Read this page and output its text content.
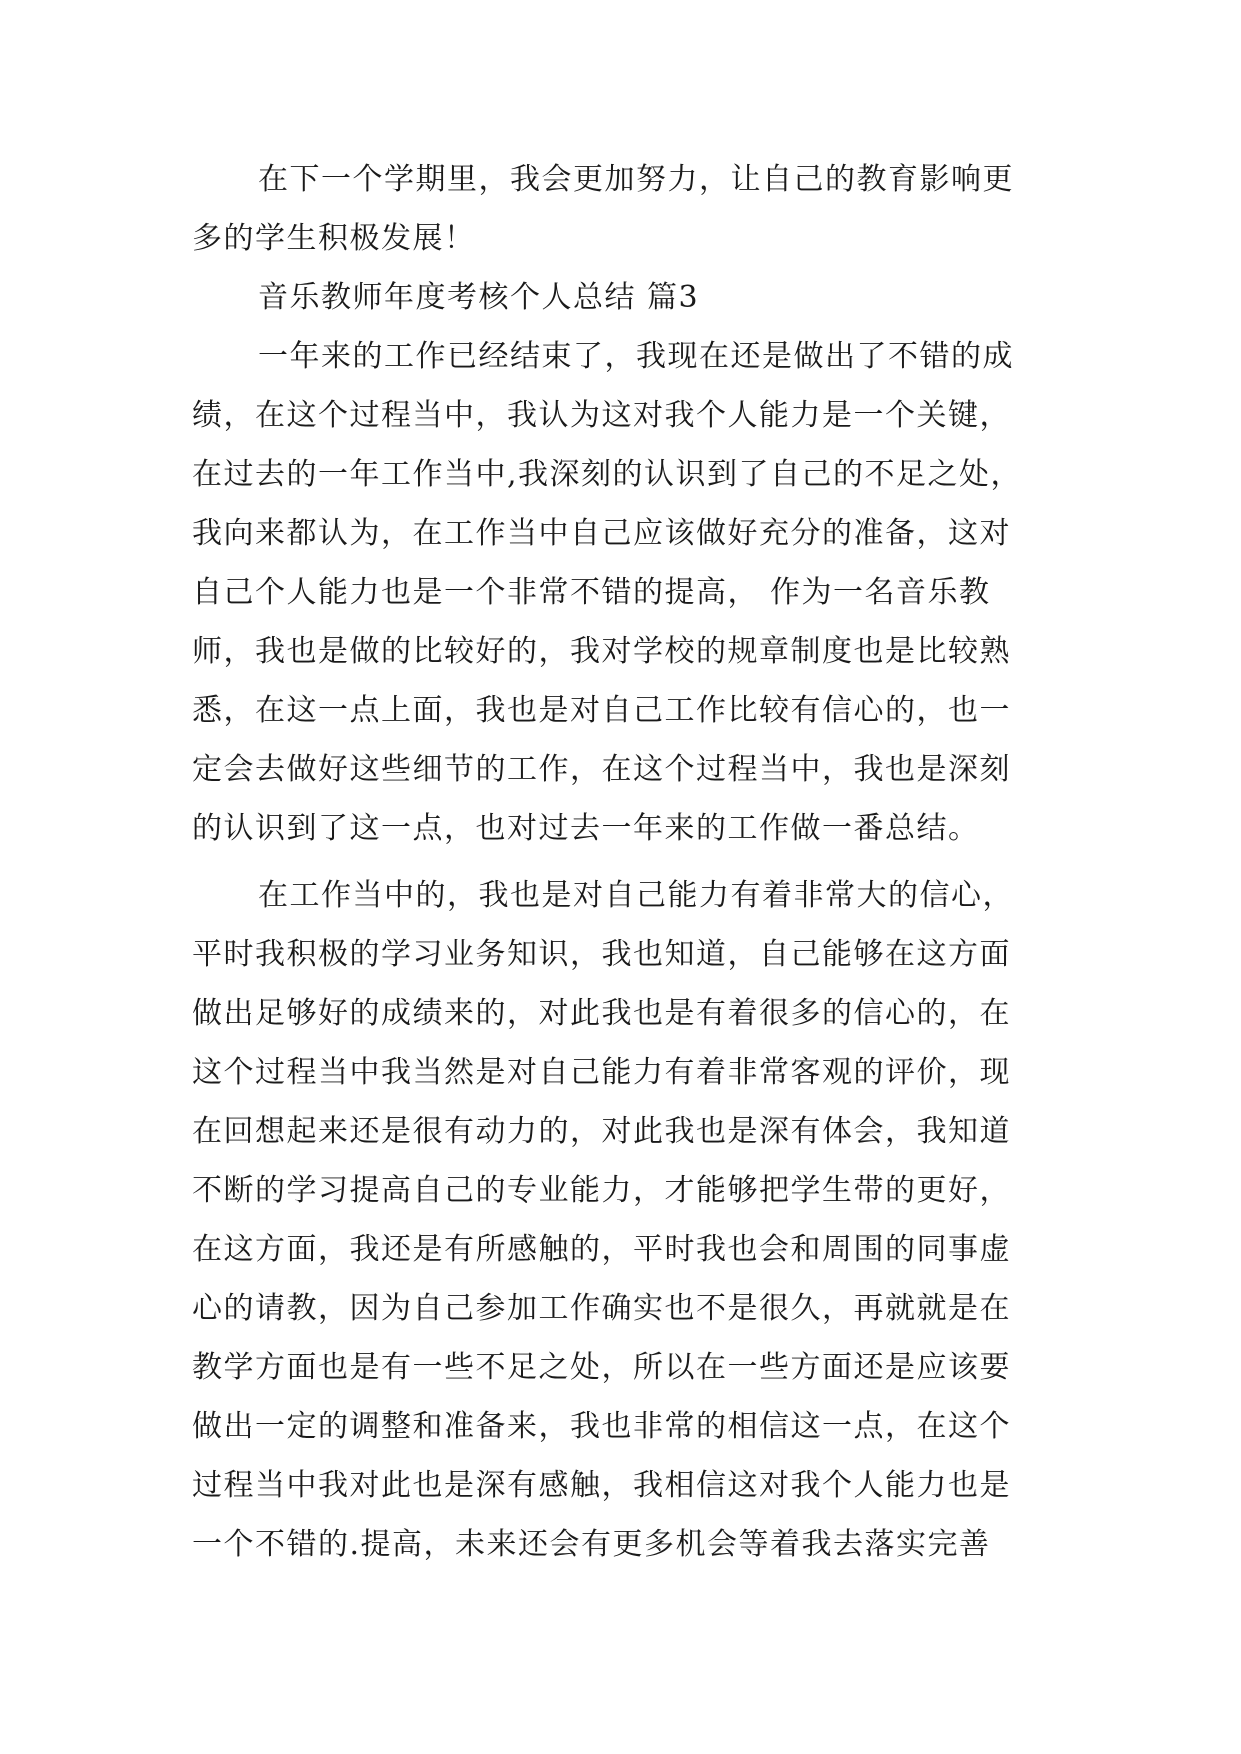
在下一个学期里，我会更加努力，让自己的教育影响更
多的学生积极发展！
音乐教师年度考核个人总结 篇3
一年来的工作已经结束了，我现在还是做出了不错的成
绩，在这个过程当中，我认为这对我个人能力是一个关键，
在过去的一年工作当中,我深刻的认识到了自己的不足之处，
我向来都认为，在工作当中自己应该做好充分的准备，这对
自己个人能力也是一个非常不错的提高， 作为一名音乐教
师，我也是做的比较好的，我对学校的规章制度也是比较熟
悉，在这一点上面，我也是对自己工作比较有信心的，也一
定会去做好这些细节的工作，在这个过程当中，我也是深刻
的认识到了这一点，也对过去一年来的工作做一番总结。
在工作当中的，我也是对自己能力有着非常大的信心，
平时我积极的学习业务知识，我也知道，自己能够在这方面
做出足够好的成绩来的，对此我也是有着很多的信心的，在
这个过程当中我当然是对自己能力有着非常客观的评价，现
在回想起来还是很有动力的，对此我也是深有体会，我知道
不断的学习提高自己的专业能力，才能够把学生带的更好，
在这方面，我还是有所感触的，平时我也会和周围的同事虚
心的请教，因为自己参加工作确实也不是很久，再就就是在
教学方面也是有一些不足之处，所以在一些方面还是应该要
做出一定的调整和准备来，我也非常的相信这一点，在这个
过程当中我对此也是深有感触，我相信这对我个人能力也是
一个不错的.提高，未来还会有更多机会等着我去落实完善
